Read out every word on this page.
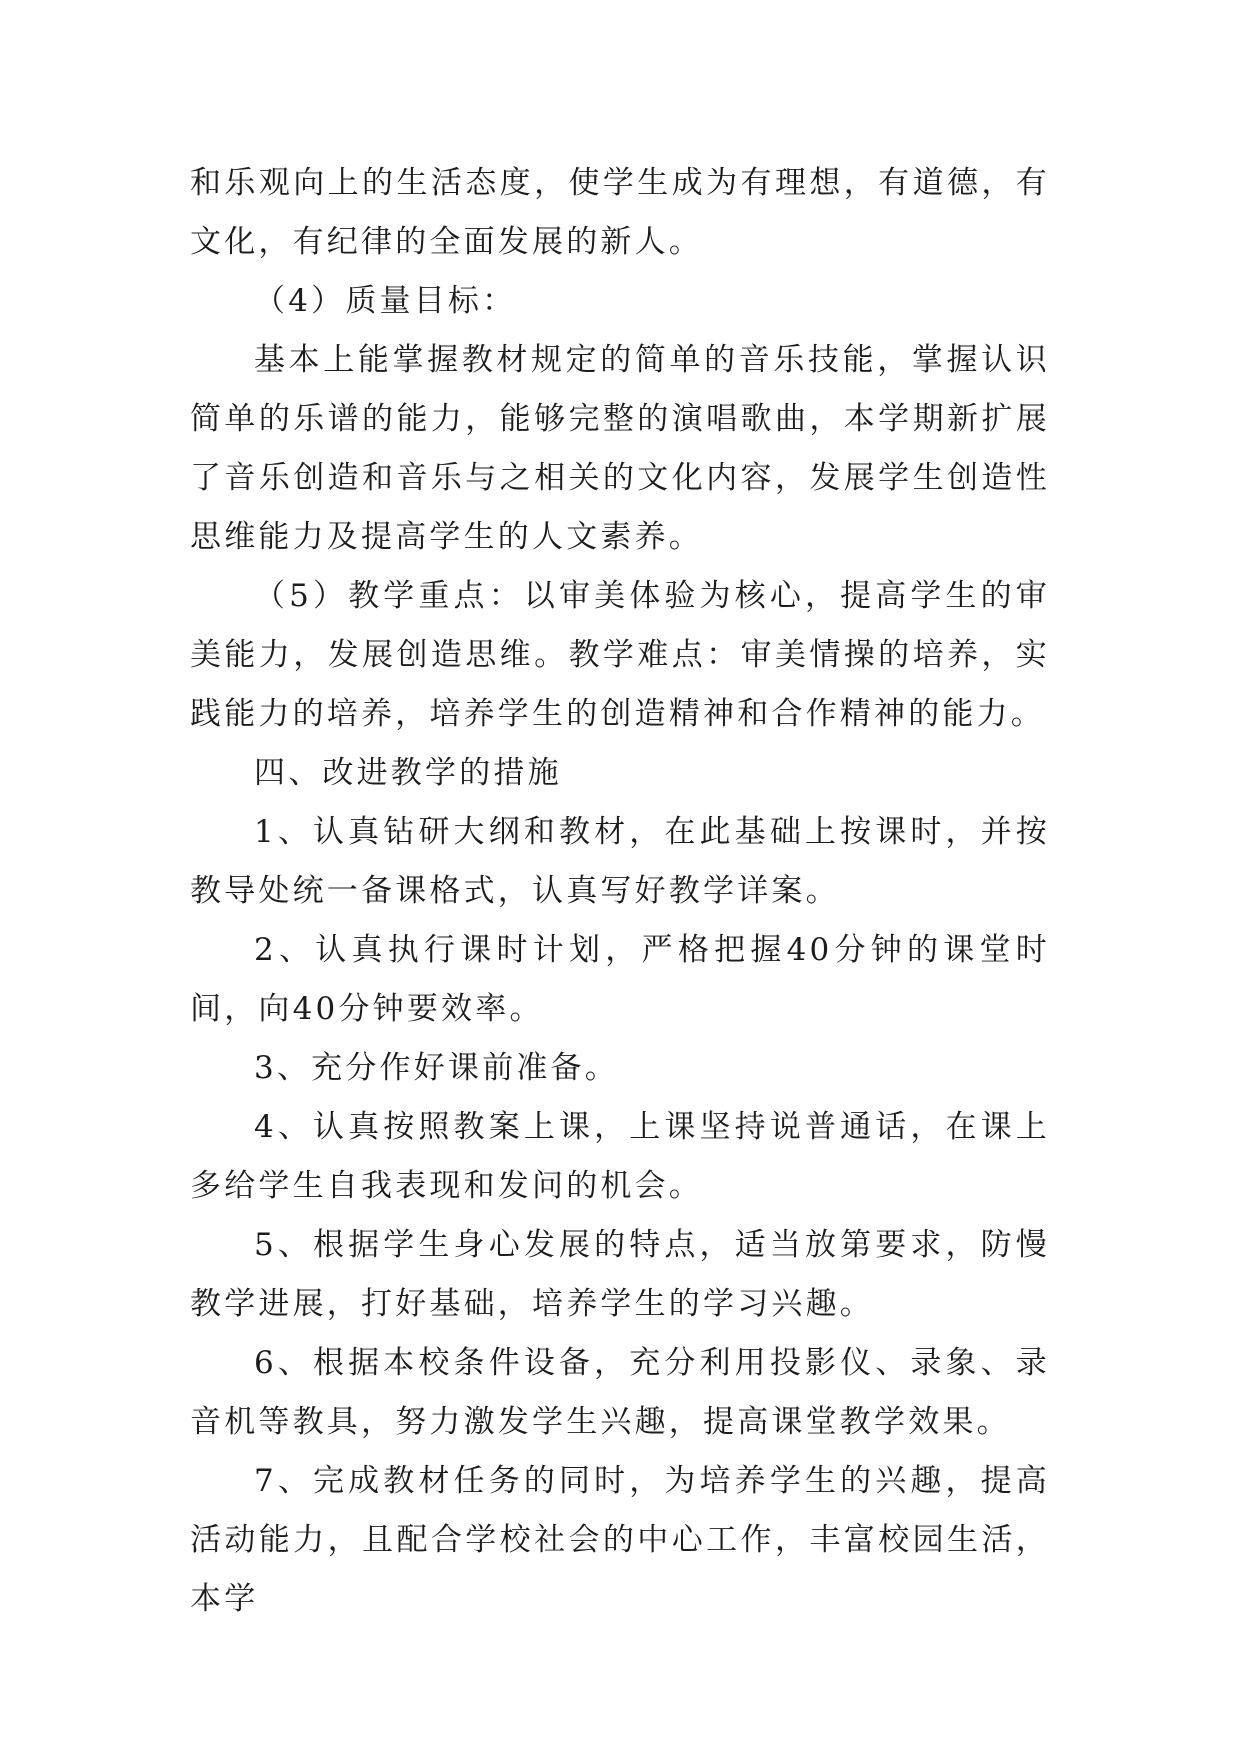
和乐观向上的生活态度，使学生成为有理想，有道德，有文化，有纪律的全面发展的新人。

（4）质量目标：

基本上能掌握教材规定的简单的音乐技能，掌握认识简单的乐谱的能力，能够完整的演唱歌曲，本学期新扩展了音乐创造和音乐与之相关的文化内容，发展学生创造性思维能力及提高学生的人文素养。

（5）教学重点：以审美体验为核心，提高学生的审美能力，发展创造思维。教学难点：审美情操的培养，实践能力的培养，培养学生的创造精神和合作精神的能力。

四、改进教学的措施

1、认真钻研大纲和教材，在此基础上按课时，并按教导处统一备课格式，认真写好教学详案。

2、认真执行课时计划，严格把握40分钟的课堂时间，向40分钟要效率。

3、充分作好课前准备。

4、认真按照教案上课，上课坚持说普通话，在课上多给学生自我表现和发问的机会。

5、根据学生身心发展的特点，适当放第要求，防慢教学进展，打好基础，培养学生的学习兴趣。

6、根据本校条件设备，充分利用投影仪、录象、录音机等教具，努力激发学生兴趣，提高课堂教学效果。

7、完成教材任务的同时，为培养学生的兴趣，提高活动能力，且配合学校社会的中心工作，丰富校园生活，本学
